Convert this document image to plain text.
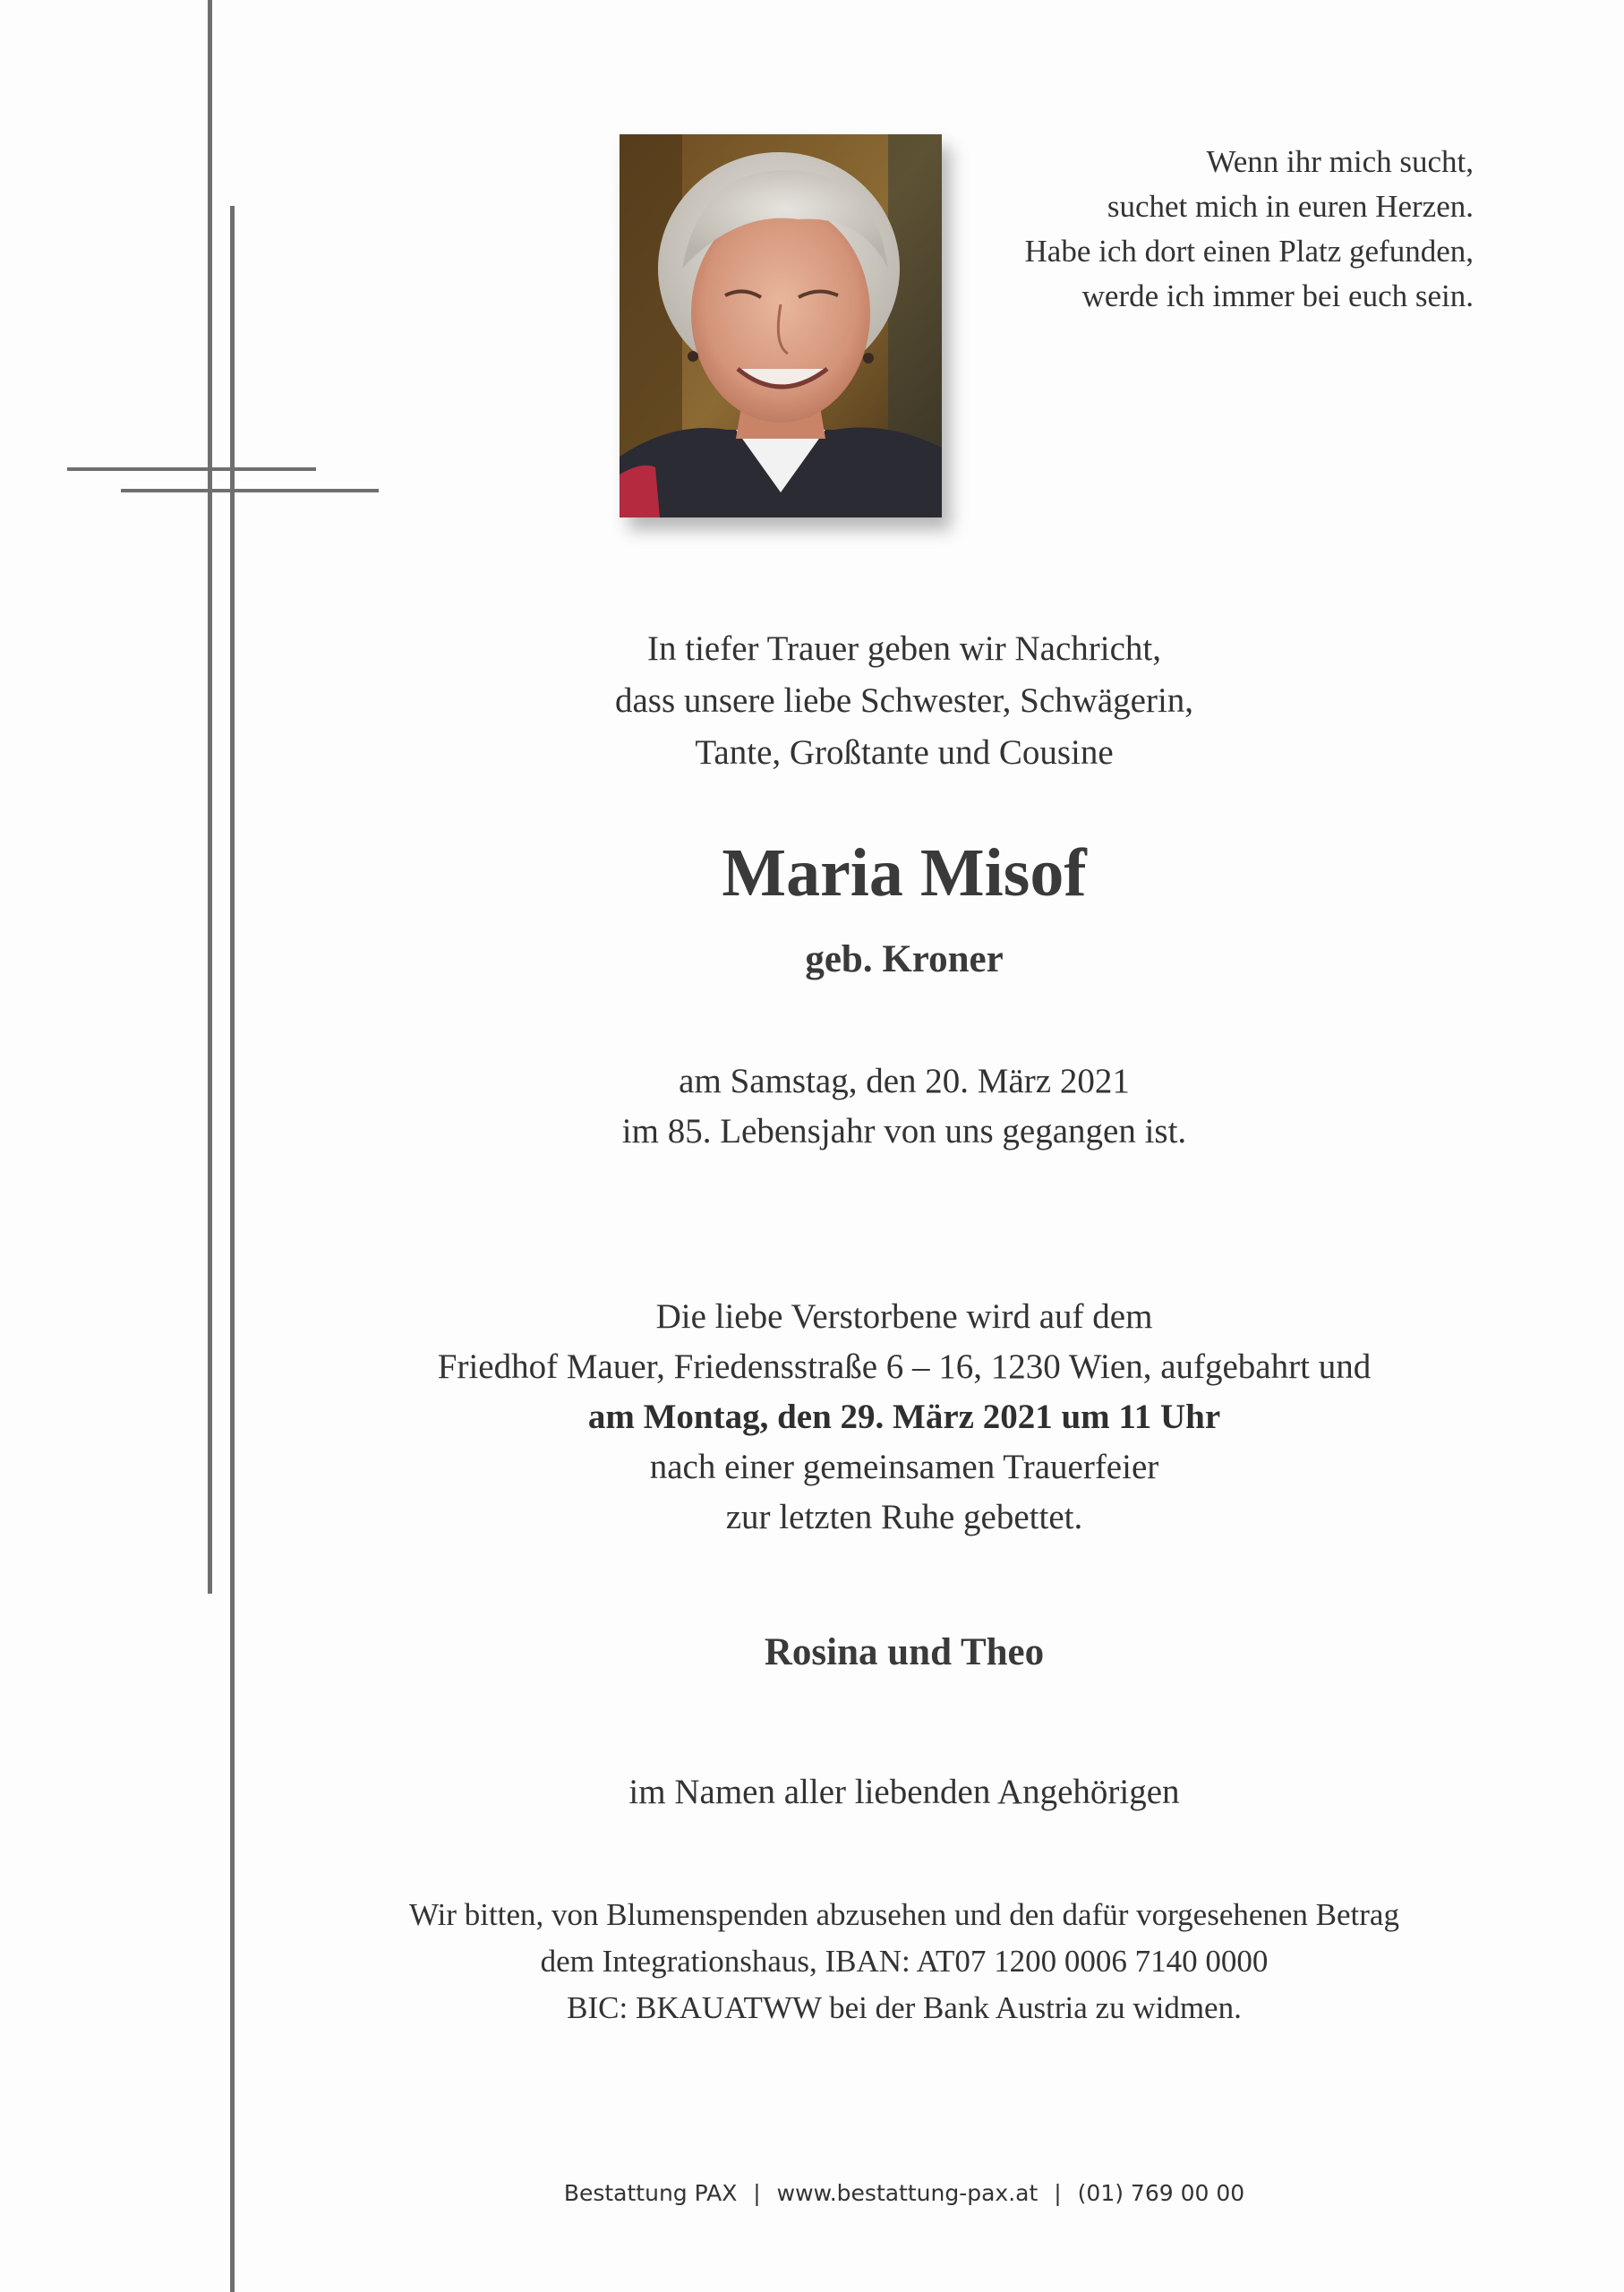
Wenn ihr mich sucht,
suchet mich in euren Herzen.
Habe ich dort einen Platz gefunden,
werde ich immer bei euch sein.
In tiefer Trauer geben wir Nachricht,
dass unsere liebe Schwester, Schwägerin,
Tante, Großtante und Cousine
Maria Misof
geb. Kroner
am Samstag, den 20. März 2021
im 85. Lebensjahr von uns gegangen ist.
Die liebe Verstorbene wird auf dem
Friedhof Mauer, Friedensstraße 6 – 16, 1230 Wien, aufgebahrt und
am Montag, den 29. März 2021 um 11 Uhr
nach einer gemeinsamen Trauerfeier
zur letzten Ruhe gebettet.
Rosina und Theo
im Namen aller liebenden Angehörigen
Wir bitten, von Blumenspenden abzusehen und den dafür vorgesehenen Betrag
dem Integrationshaus, IBAN: AT07 1200 0006 7140 0000
BIC: BKAUATWW bei der Bank Austria zu widmen.
Bestattung PAX | www.bestattung-pax.at | (01) 769 00 00
